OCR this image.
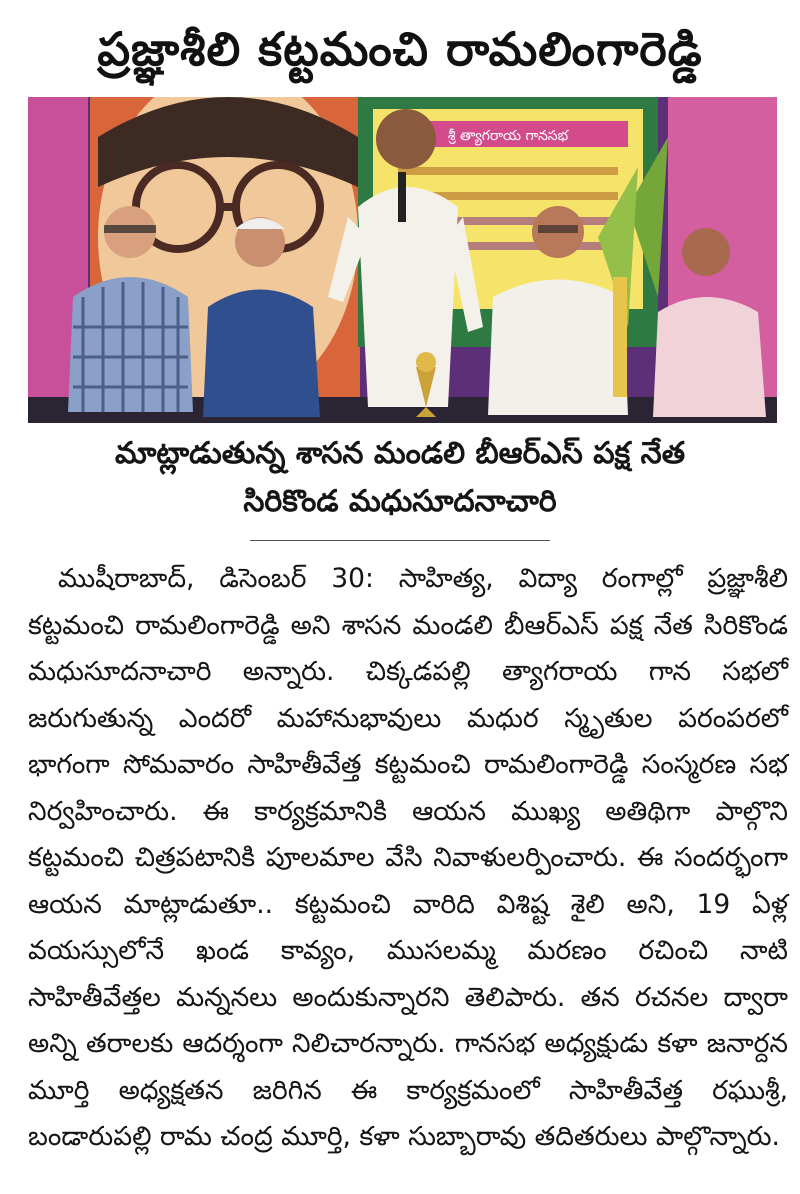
ప్రజ్ఞాశీలి కట్టమంచి రామలింగారెడ్డి
శ్రీ త్యాగరాయ గానసభ
మాట్లాడుతున్న శాసన మండలి బీఆర్ఎస్ పక్ష నేత
సిరికొండ మధుసూదనాచారి

ముషీరాబాద్, డిసెంబర్ 30: సాహిత్య, విద్యా రంగాల్లో ప్రజ్ఞాశీలి కట్టమంచి రామలింగారెడ్డి అని శాసన మండలి బీఆర్ఎస్ పక్ష నేత సిరికొండ మధుసూదనాచారి అన్నారు. చిక్కడపల్లి త్యాగరాయ గాన సభలో జరుగుతున్న ఎందరో మహానుభావులు మధుర స్మృతుల పరంపరలో భాగంగా సోమవారం సాహితీవేత్త కట్టమంచి రామలింగారెడ్డి సంస్మరణ సభ నిర్వహించారు. ఈ కార్యక్రమానికి ఆయన ముఖ్య అతిథిగా పాల్గొని కట్టమంచి చిత్రపటానికి పూలమాల వేసి నివాళులర్పించారు. ఈ సందర్భంగా ఆయన మాట్లాడుతూ.. కట్టమంచి వారిది విశిష్ట శైలి అని, 19 ఏళ్ల వయస్సులోనే ఖండ కావ్యం, ముసలమ్మ మరణం రచించి నాటి సాహితీవేత్తల మన్ననలు అందుకున్నారని తెలిపారు. తన రచనల ద్వారా అన్ని తరాలకు ఆదర్శంగా నిలిచారన్నారు. గానసభ అధ్యక్షుడు కళా జనార్దన మూర్తి అధ్యక్షతన జరిగిన ఈ కార్యక్రమంలో సాహితీవేత్త రఘుశ్రీ, బండారుపల్లి రామ చంద్ర మూర్తి, కళా సుబ్బారావు తదితరులు పాల్గొన్నారు.
